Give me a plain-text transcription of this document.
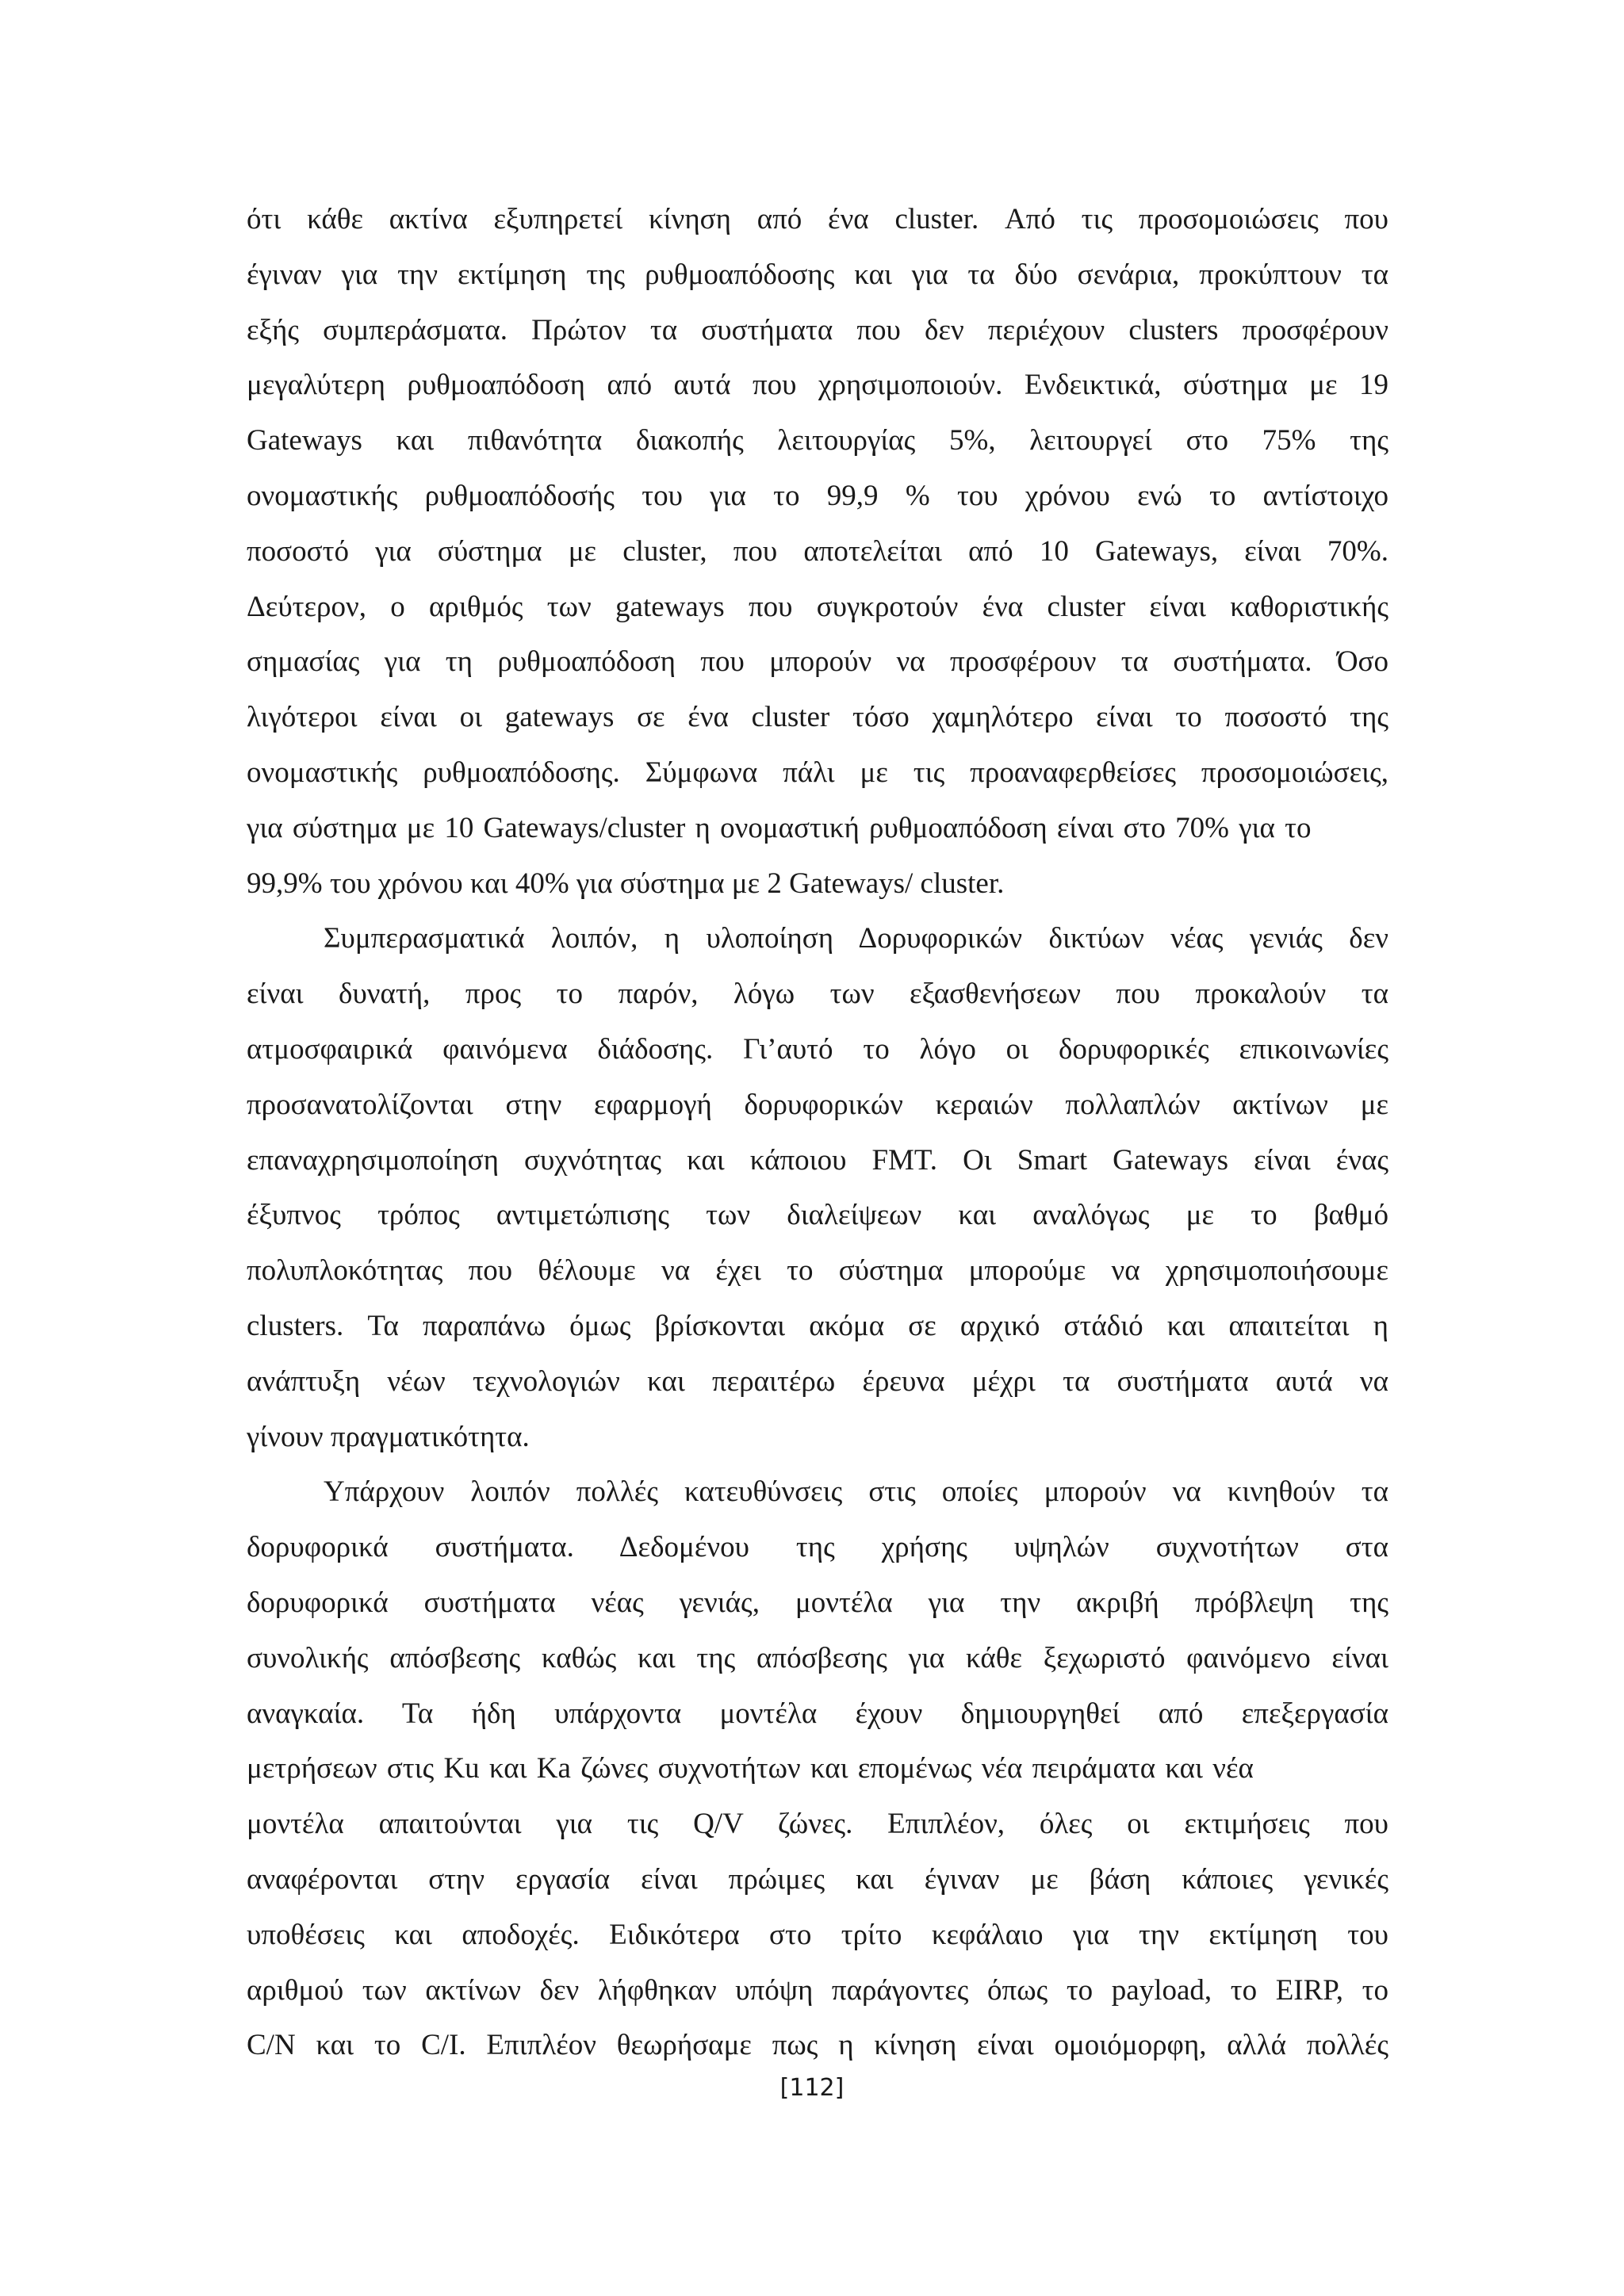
ότι κάθε ακτίνα εξυπηρετεί κίνηση από ένα cluster. Από τις προσομοιώσεις που
έγιναν για την εκτίμηση της ρυθμοαπόδοσης και για τα δύο σενάρια, προκύπτουν τα
εξής συμπεράσματα. Πρώτον τα συστήματα που δεν περιέχουν clusters προσφέρουν
μεγαλύτερη ρυθμοαπόδοση από αυτά που χρησιμοποιούν. Ενδεικτικά, σύστημα με 19
Gateways και πιθανότητα διακοπής λειτουργίας 5%, λειτουργεί στο 75% της
ονομαστικής ρυθμοαπόδοσής του για το 99,9 % του χρόνου ενώ το αντίστοιχο
ποσοστό για σύστημα με cluster, που αποτελείται από 10 Gateways, είναι 70%.
Δεύτερον, ο αριθμός των gateways που συγκροτούν ένα cluster είναι καθοριστικής
σημασίας για τη ρυθμοαπόδοση που μπορούν να προσφέρουν τα συστήματα. Όσο
λιγότεροι είναι οι gateways σε ένα cluster τόσο χαμηλότερο είναι το ποσοστό της
ονομαστικής ρυθμοαπόδοσης. Σύμφωνα πάλι με τις προαναφερθείσες προσομοιώσεις,
για σύστημα με 10 Gateways/cluster η ονομαστική ρυθμοαπόδοση είναι στο 70% για το
99,9% του χρόνου και 40% για σύστημα με 2 Gateways/ cluster.
Συμπερασματικά λοιπόν, η υλοποίηση Δορυφορικών δικτύων νέας γενιάς δεν
είναι δυνατή, προς το παρόν, λόγω των εξασθενήσεων που προκαλούν τα
ατμοσφαιρικά φαινόμενα διάδοσης. Γι’αυτό το λόγο οι δορυφορικές επικοινωνίες
προσανατολίζονται στην εφαρμογή δορυφορικών κεραιών πολλαπλών ακτίνων με
επαναχρησιμοποίηση συχνότητας και κάποιου FMT. Οι Smart Gateways είναι ένας
έξυπνος τρόπος αντιμετώπισης των διαλείψεων και αναλόγως με το βαθμό
πολυπλοκότητας που θέλουμε να έχει το σύστημα μπορούμε να χρησιμοποιήσουμε
clusters. Τα παραπάνω όμως βρίσκονται ακόμα σε αρχικό στάδιό και απαιτείται η
ανάπτυξη νέων τεχνολογιών και περαιτέρω έρευνα μέχρι τα συστήματα αυτά να
γίνουν πραγματικότητα.
Υπάρχουν λοιπόν πολλές κατευθύνσεις στις οποίες μπορούν να κινηθούν τα
δορυφορικά συστήματα. Δεδομένου της χρήσης υψηλών συχνοτήτων στα
δορυφορικά συστήματα νέας γενιάς, μοντέλα για την ακριβή πρόβλεψη της
συνολικής απόσβεσης καθώς και της απόσβεσης για κάθε ξεχωριστό φαινόμενο είναι
αναγκαία. Τα ήδη υπάρχοντα μοντέλα έχουν δημιουργηθεί από επεξεργασία
μετρήσεων στις Ku και Ka ζώνες συχνοτήτων και επομένως νέα πειράματα και νέα
μοντέλα απαιτούνται για τις Q/V ζώνες. Επιπλέον, όλες οι εκτιμήσεις που
αναφέρονται στην εργασία είναι πρώιμες και έγιναν με βάση κάποιες γενικές
υποθέσεις και αποδοχές. Ειδικότερα στο τρίτο κεφάλαιο για την εκτίμηση του
αριθμού των ακτίνων δεν λήφθηκαν υπόψη παράγοντες όπως το payload, το EIRP, το
C/N και το C/I. Επιπλέον θεωρήσαμε πως η κίνηση είναι ομοιόμορφη, αλλά πολλές
[112]
